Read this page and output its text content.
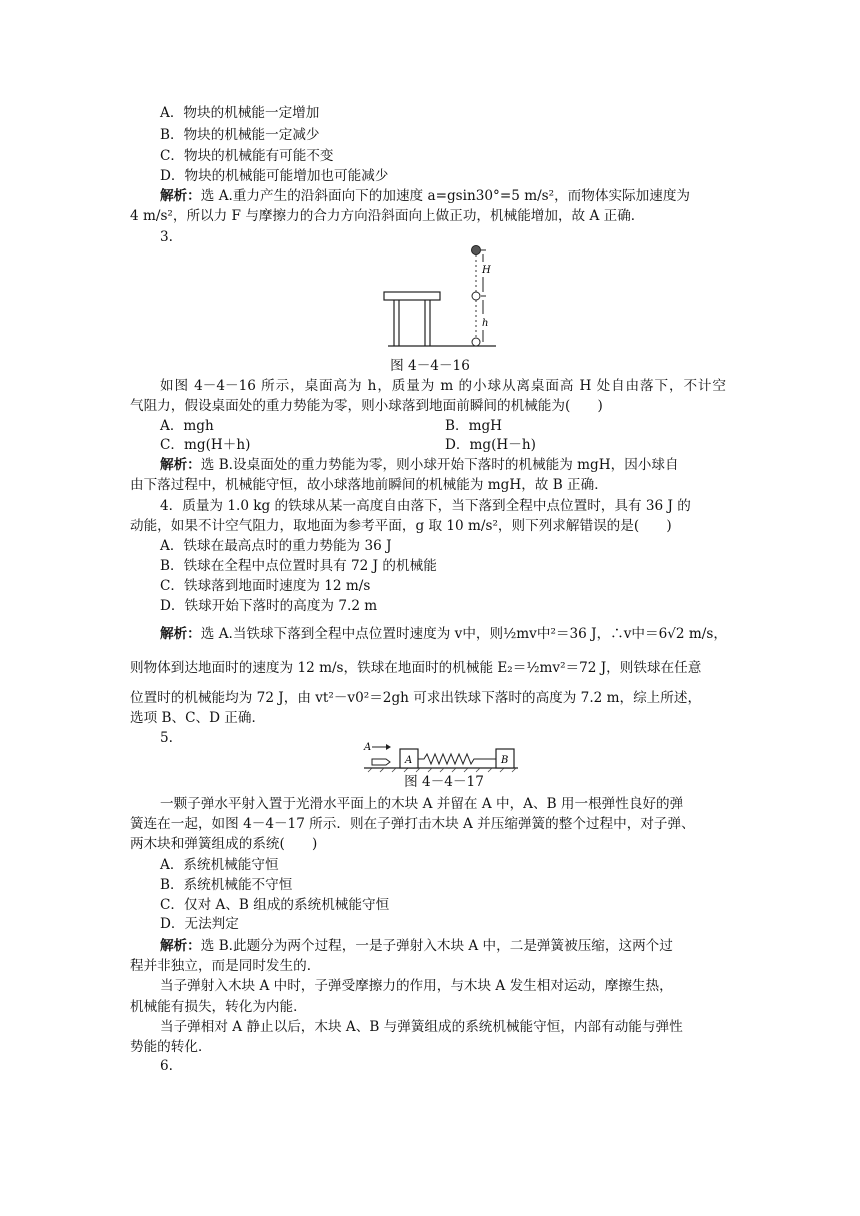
A．物块的机械能一定增加
B．物块的机械能一定减少
C．物块的机械能有可能不变
D．物块的机械能可能增加也可能减少
解析：选 A.重力产生的沿斜面向下的加速度 a=gsin30°=5 m/s²，而物体实际加速度为
4 m/s²，所以力 F 与摩擦力的合力方向沿斜面向上做正功，机械能增加，故 A 正确．
3.
H
h
图 4－4－16
如图 4－4－16 所示，桌面高为 h，质量为 m 的小球从离桌面高 H 处自由落下，不计空
气阻力，假设桌面处的重力势能为零，则小球落到地面前瞬间的机械能为(　　)
A．mgh	B．mgH
C．mg(H＋h)	D．mg(H－h)
解析：选 B.设桌面处的重力势能为零，则小球开始下落时的机械能为 mgH，因小球自
由下落过程中，机械能守恒，故小球落地前瞬间的机械能为 mgH，故 B 正确．
4．质量为 1.0 kg 的铁球从某一高度自由落下，当下落到全程中点位置时，具有 36 J 的
动能，如果不计空气阻力，取地面为参考平面，g 取 10 m/s²，则下列求解错误的是(　　)
A．铁球在最高点时的重力势能为 36 J
B．铁球在全程中点位置时具有 72 J 的机械能
C．铁球落到地面时速度为 12 m/s
D．铁球开始下落时的高度为 7.2 m
解析：选 A.当铁球下落到全程中点位置时速度为 v中，则½mv中²＝36 J，∴v中＝6√2 m/s，
则物体到达地面时的速度为 12 m/s，铁球在地面时的机械能 E₂＝½mv²＝72 J，则铁球在任意
位置时的机械能均为 72 J，由 vt²－v0²＝2gh 可求出铁球下落时的高度为 7.2 m，综上所述，
选项 B、C、D 正确．
5.
A
A	B
图 4－4－17
一颗子弹水平射入置于光滑水平面上的木块 A 并留在 A 中，A、B 用一根弹性良好的弹
簧连在一起，如图 4－4－17 所示．则在子弹打击木块 A 并压缩弹簧的整个过程中，对子弹、
两木块和弹簧组成的系统(　　)
A．系统机械能守恒
B．系统机械能不守恒
C．仅对 A、B 组成的系统机械能守恒
D．无法判定
解析：选 B.此题分为两个过程，一是子弹射入木块 A 中，二是弹簧被压缩，这两个过
程并非独立，而是同时发生的．
当子弹射入木块 A 中时，子弹受摩擦力的作用，与木块 A 发生相对运动，摩擦生热，
机械能有损失，转化为内能．
当子弹相对 A 静止以后，木块 A、B 与弹簧组成的系统机械能守恒，内部有动能与弹性
势能的转化．
6.
